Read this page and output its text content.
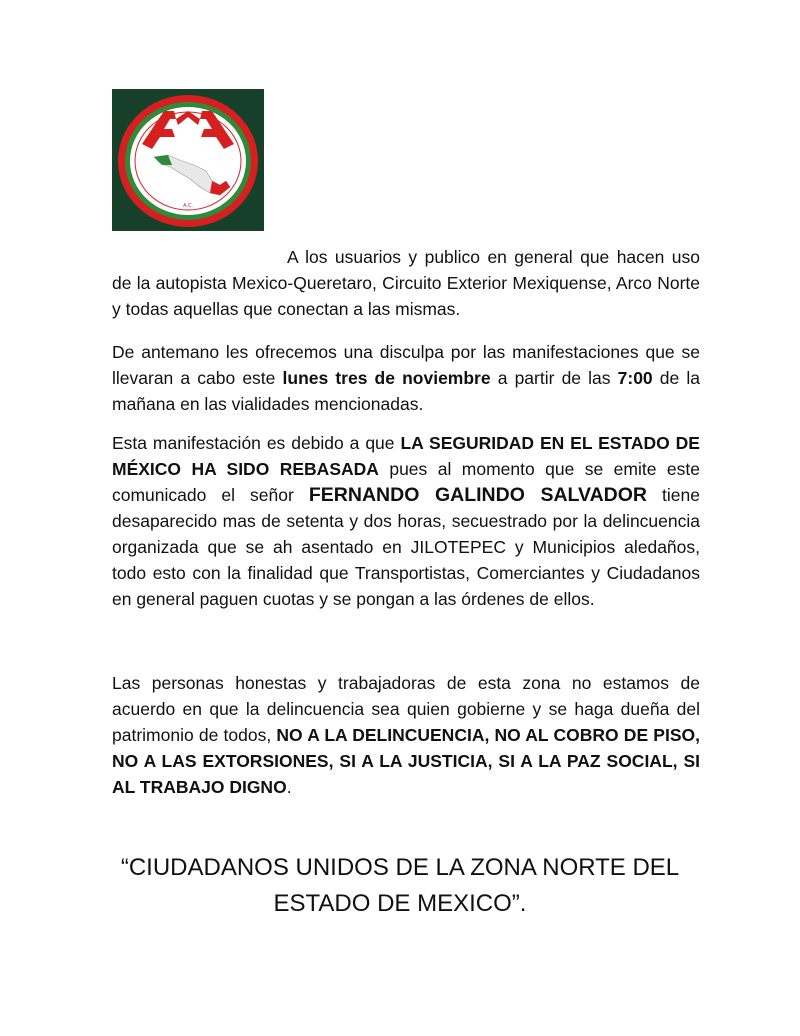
A.C.

A los usuarios y publico en general que hacen uso de la autopista Mexico-Queretaro, Circuito Exterior Mexiquense, Arco Norte y todas aquellas que conectan a las mismas.

De antemano les ofrecemos una disculpa por las manifestaciones que se llevaran a cabo este lunes tres de noviembre a partir de las 7:00 de la mañana en las vialidades mencionadas.

Esta manifestación es debido a que LA SEGURIDAD EN EL ESTADO DE MÉXICO HA SIDO REBASADA pues al momento que se emite este comunicado el señor FERNANDO GALINDO SALVADOR tiene desaparecido mas de setenta y dos horas, secuestrado por la delincuencia organizada que se ah asentado en JILOTEPEC y Municipios aledaños, todo esto con la finalidad que Transportistas, Comerciantes y Ciudadanos en general paguen cuotas y se pongan a las órdenes de ellos.

Las personas honestas y trabajadoras de esta zona no estamos de acuerdo en que la delincuencia sea quien gobierne y se haga dueña del patrimonio de todos, NO A LA DELINCUENCIA, NO AL COBRO DE PISO, NO A LAS EXTORSIONES, SI A LA JUSTICIA, SI A LA PAZ SOCIAL, SI AL TRABAJO DIGNO.

“CIUDADANOS UNIDOS DE LA ZONA NORTE DEL
ESTADO DE MEXICO”.
